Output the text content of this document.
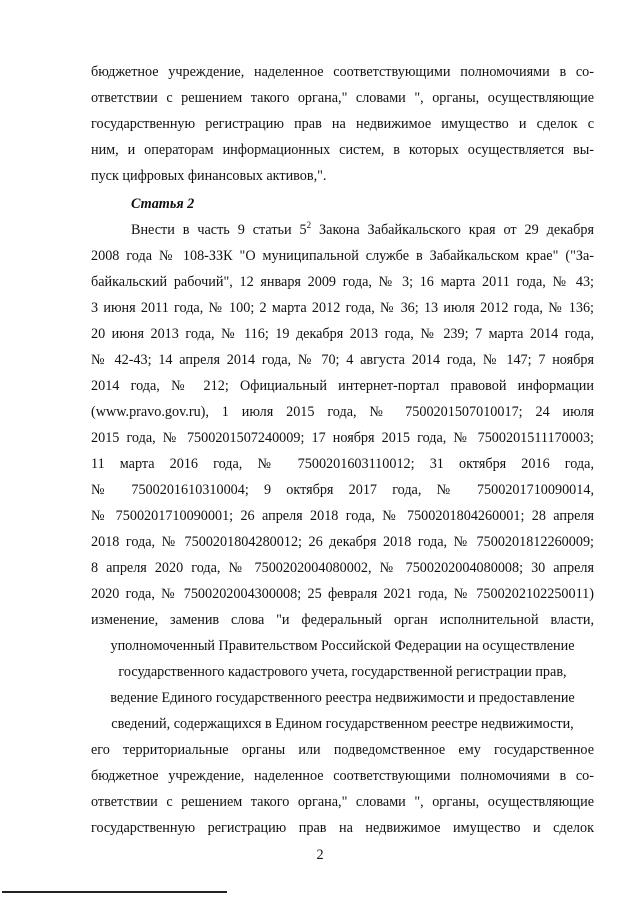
бюджетное учреждение, наделенное соответствующими полномочиями в со-
ответствии с решением такого органа," словами ", органы, осуществляющие
государственную регистрацию прав на недвижимое имущество и сделок с
ним, и операторам информационных систем, в которых осуществляется вы-
пуск цифровых финансовых активов,".
Статья 2
Внести в часть 9 статьи $5^2$ Закона Забайкальского края от 29 декабря
2008 года № 108-ЗЗК "О муниципальной службе в Забайкальском крае" ("За-
байкальский рабочий", 12 января 2009 года, № 3; 16 марта 2011 года, № 43;
3 июня 2011 года, № 100; 2 марта 2012 года, № 36; 13 июля 2012 года, № 136;
20 июня 2013 года, № 116; 19 декабря 2013 года, № 239; 7 марта 2014 года,
№ 42-43; 14 апреля 2014 года, № 70; 4 августа 2014 года, № 147; 7 ноября
2014 года, № 212; Официальный интернет-портал правовой информации
(www.pravo.gov.ru), 1 июля 2015 года, № 7500201507010017; 24 июля
2015 года, № 7500201507240009; 17 ноября 2015 года, № 7500201511170003;
11 марта 2016 года, № 7500201603110012; 31 октября 2016 года,
№ 7500201610310004; 9 октября 2017 года, № 7500201710090014,
№ 7500201710090001; 26 апреля 2018 года, № 7500201804260001; 28 апреля
2018 года, № 7500201804280012; 26 декабря 2018 года, № 7500201812260009;
8 апреля 2020 года, № 7500202004080002, № 7500202004080008; 30 апреля
2020 года, № 7500202004300008; 25 февраля 2021 года, № 7500202102250011)
изменение, заменив слова "и федеральный орган исполнительной власти,
уполномоченный Правительством Российской Федерации на осуществление
государственного кадастрового учета, государственной регистрации прав,
ведение Единого государственного реестра недвижимости и предоставление
сведений, содержащихся в Едином государственном реестре недвижимости,
его территориальные органы или подведомственное ему государственное
бюджетное учреждение, наделенное соответствующими полномочиями в со-
ответствии с решением такого органа," словами ", органы, осуществляющие
государственную регистрацию прав на недвижимое имущество и сделок
2
